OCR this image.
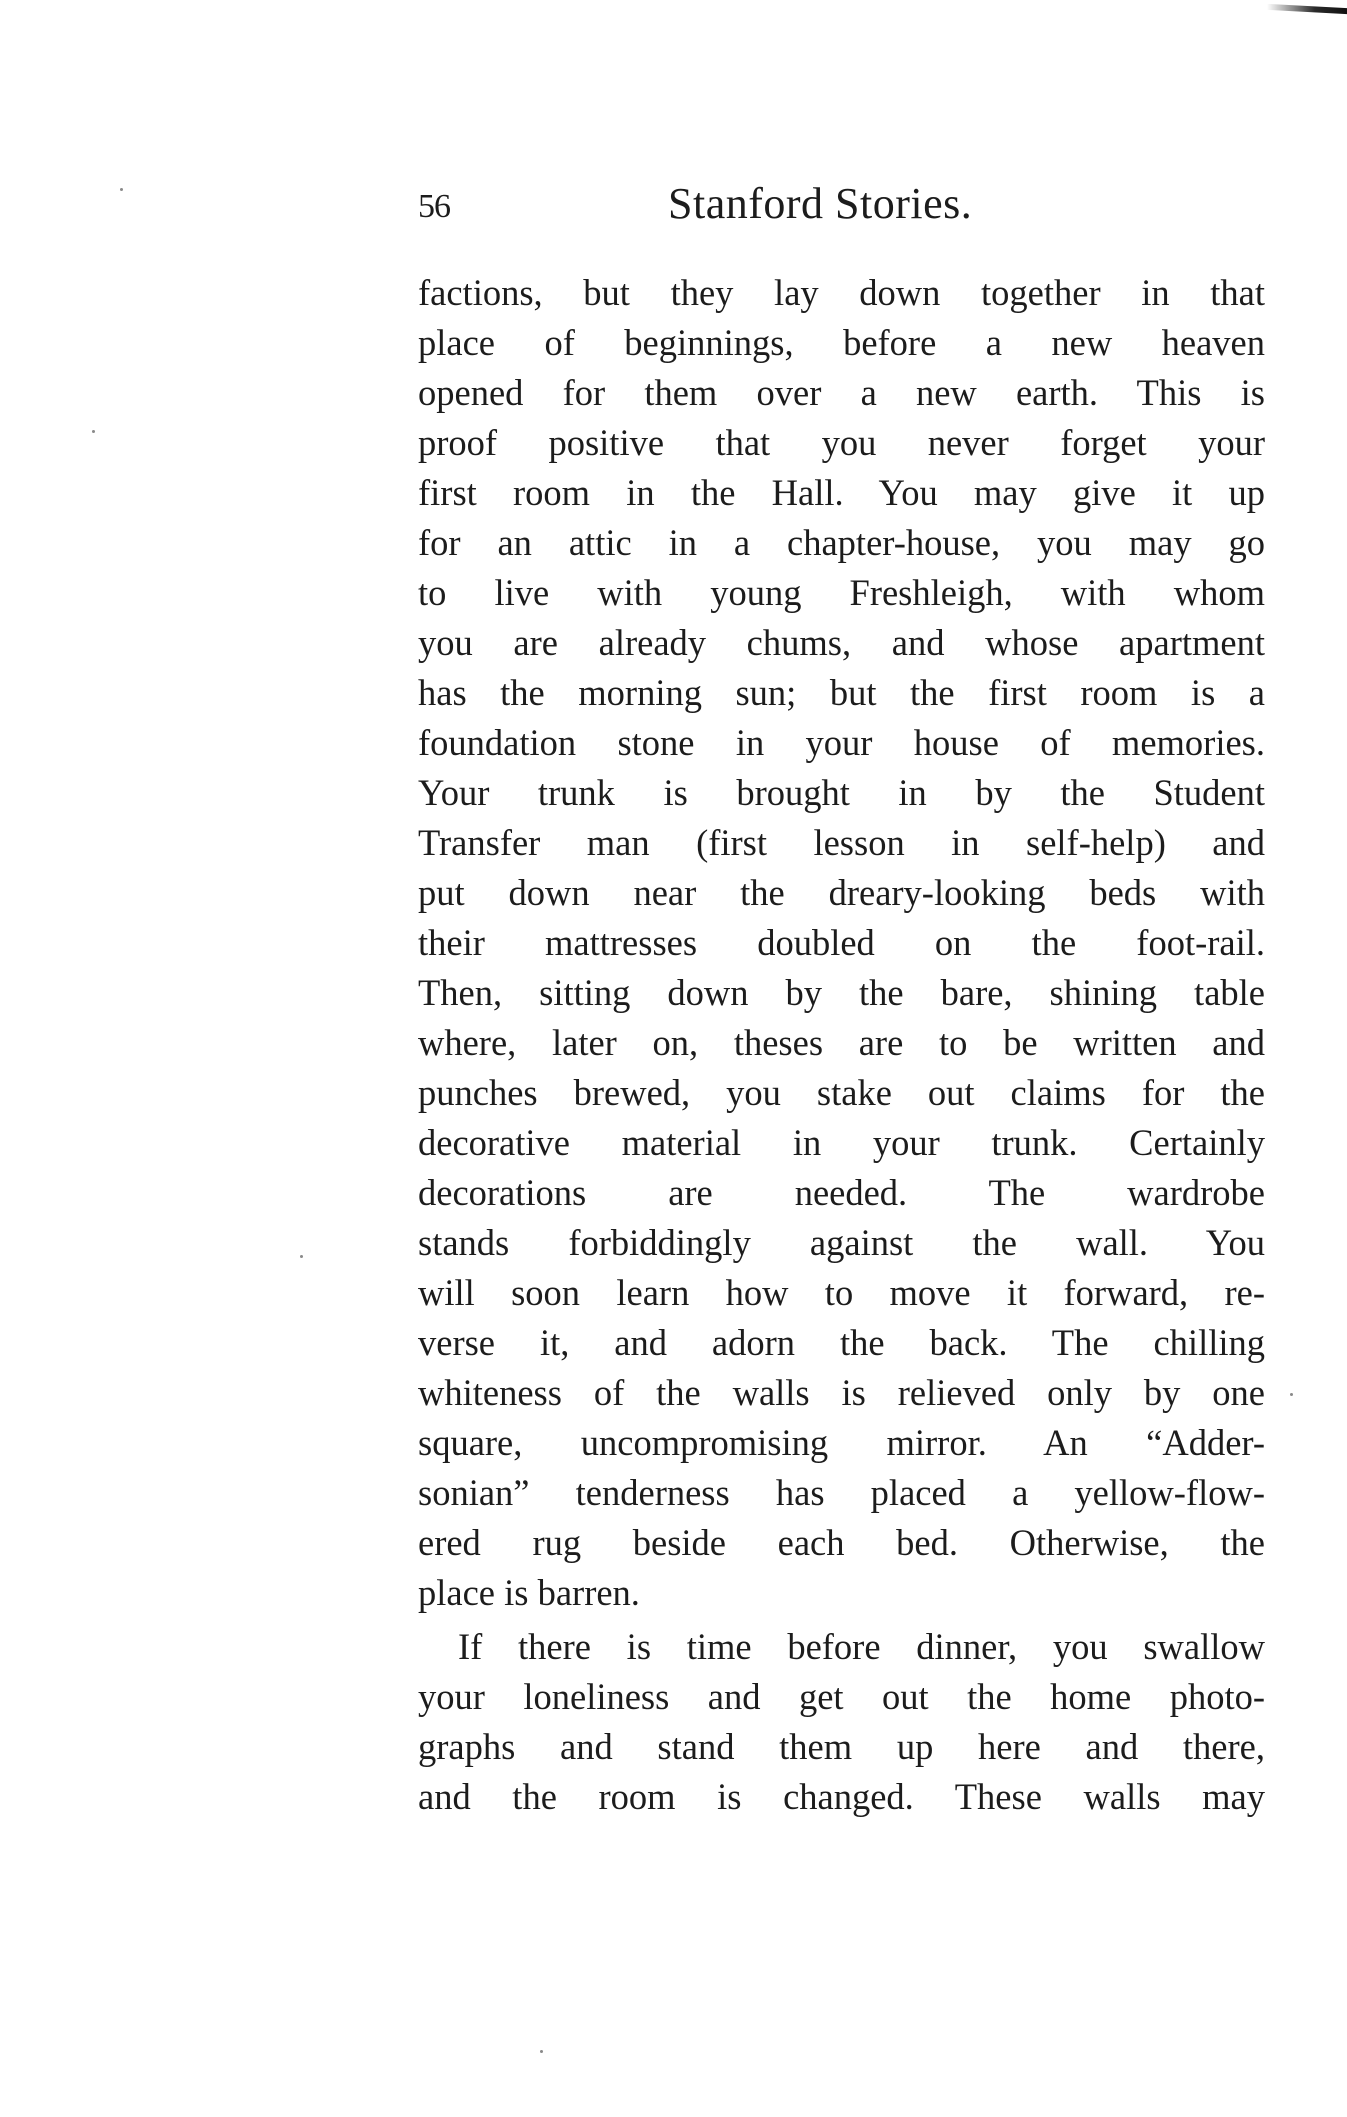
56	Stanford Stories.
factions, but they lay down together in that
place of beginnings, before a new heaven
opened for them over a new earth. This is
proof positive that you never forget your
first room in the Hall. You may give it up
for an attic in a chapter-house, you may go
to live with young Freshleigh, with whom
you are already chums, and whose apartment
has the morning sun; but the first room is a
foundation stone in your house of memories.
Your trunk is brought in by the Student
Transfer man (first lesson in self-help) and
put down near the dreary-looking beds with
their mattresses doubled on the foot-rail.
Then, sitting down by the bare, shining table
where, later on, theses are to be written and
punches brewed, you stake out claims for the
decorative material in your trunk. Certainly
decorations are needed. The wardrobe
stands forbiddingly against the wall. You
will soon learn how to move it forward, re-
verse it, and adorn the back. The chilling
whiteness of the walls is relieved only by one
square, uncompromising mirror. An “Adder-
sonian” tenderness has placed a yellow-flow-
ered rug beside each bed. Otherwise, the
place is barren.
If there is time before dinner, you swallow
your loneliness and get out the home photo-
graphs and stand them up here and there,
and the room is changed. These walls may
